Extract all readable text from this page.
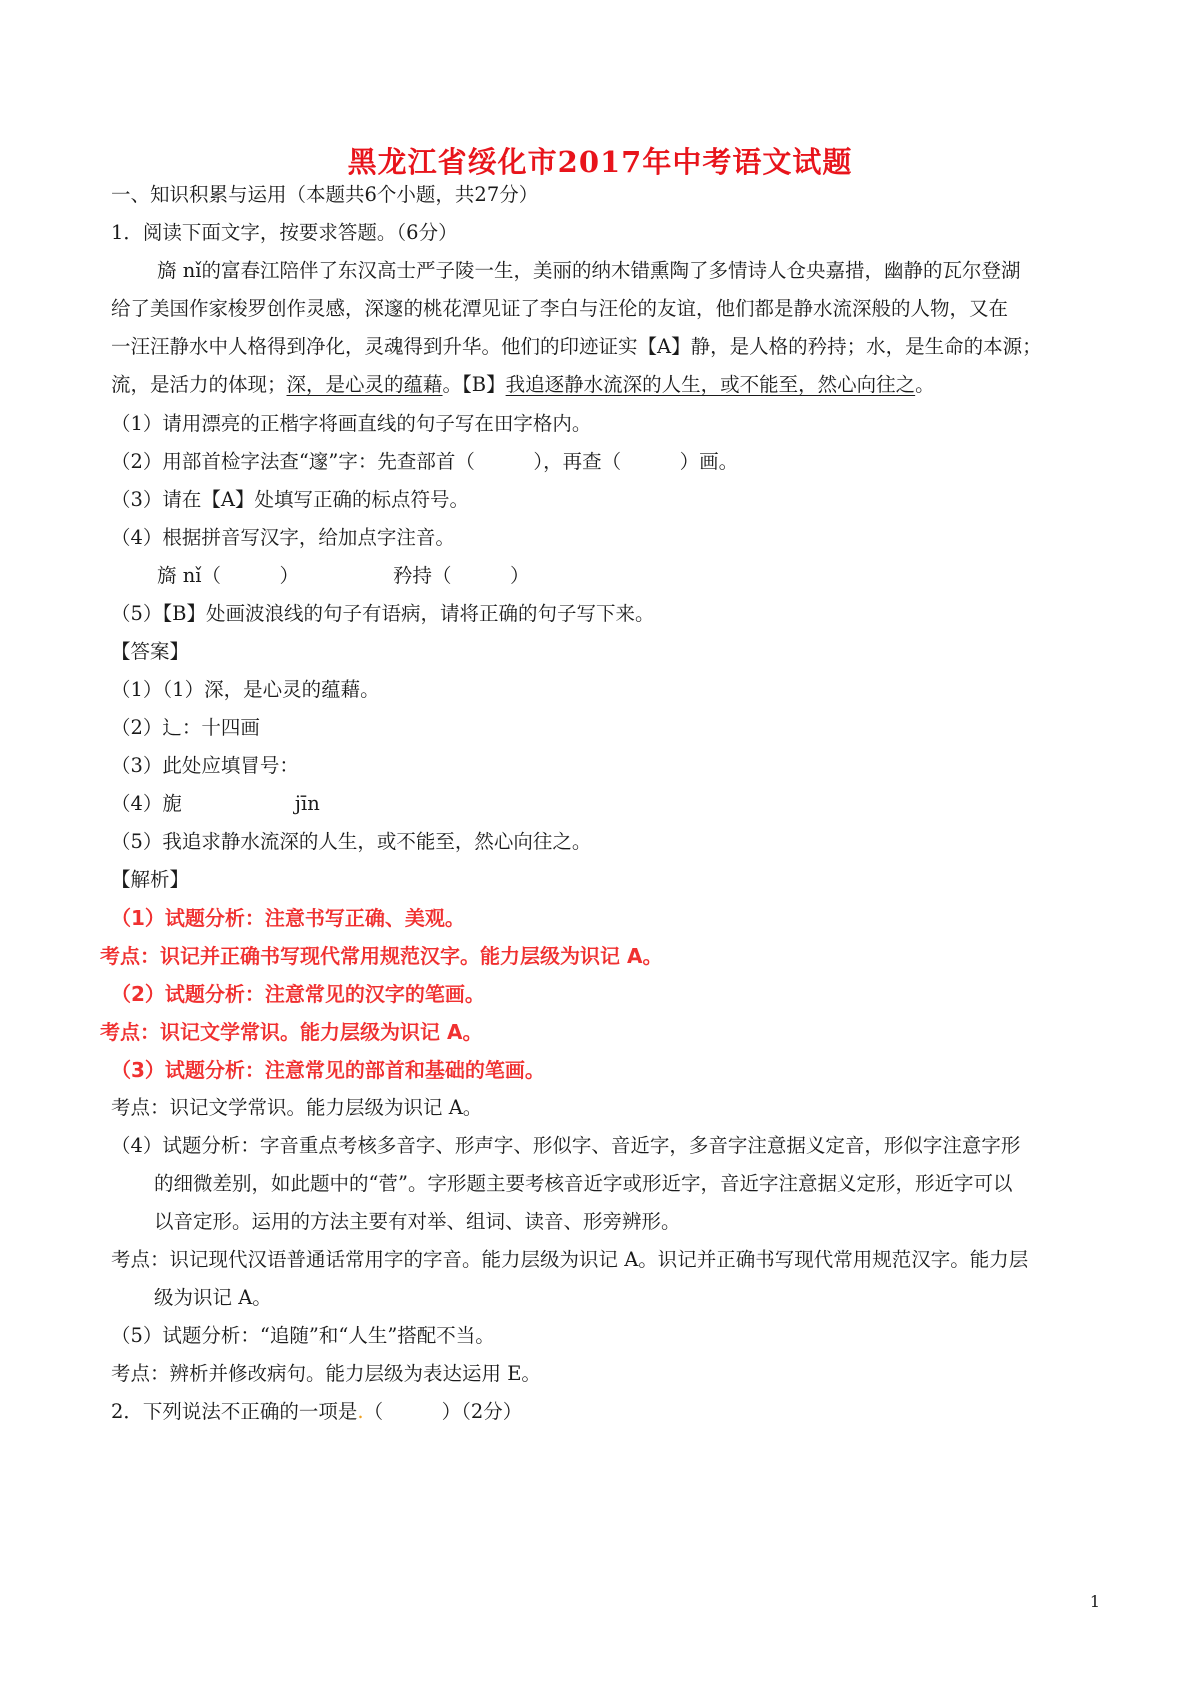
黑龙江省绥化市2017年中考语文试题
一、知识积累与运用（本题共6个小题，共27分）
1．阅读下面文字，按要求答题。（6分）
旖 nǐ的富春江陪伴了东汉高士严子陵一生，美丽的纳木错熏陶了多情诗人仓央嘉措，幽静的瓦尔登湖
给了美国作家梭罗创作灵感，深邃的桃花潭见证了李白与汪伦的友谊，他们都是静水流深般的人物，又在
一汪汪静水中人格得到净化，灵魂得到升华。他们的印迹证实【A】静，是人格的矜持；水，是生命的本源；
流，是活力的体现；深，是心灵的蕴藉。【B】我追逐静水流深的人生，或不能至，然心向往之。
（1）请用漂亮的正楷字将画直线的句子写在田字格内。
（2）用部首检字法查“邃”字：先查部首（　　　），再查（　　　）画。
（3）请在【A】处填写正确的标点符号。
（4）根据拼音写汉字，给加点字注音。
旖 nǐ（　　　）	矜持（　　　）
（5）【B】处画波浪线的句子有语病，请将正确的句子写下来。
【答案】
（1）（1）深，是心灵的蕴藉。
（2）辶：十四画
（3）此处应填冒号：
（4）旎	jīn
（5）我追求静水流深的人生，或不能至，然心向往之。
【解析】
（1）试题分析：注意书写正确、美观。
考点：识记并正确书写现代常用规范汉字。能力层级为识记 A。
（2）试题分析：注意常见的汉字的笔画。
考点：识记文学常识。能力层级为识记 A。
（3）试题分析：注意常见的部首和基础的笔画。
考点：识记文学常识。能力层级为识记 A。
（4）试题分析：字音重点考核多音字、形声字、形似字、音近字，多音字注意据义定音，形似字注意字形
的细微差别，如此题中的“菅”。字形题主要考核音近字或形近字，音近字注意据义定形，形近字可以
以音定形。运用的方法主要有对举、组词、读音、形旁辨形。
考点：识记现代汉语普通话常用字的字音。能力层级为识记 A。识记并正确书写现代常用规范汉字。能力层
级为识记 A。
（5）试题分析：“追随”和“人生”搭配不当。
考点：辨析并修改病句。能力层级为表达运用 E。
2．下列说法不正确的一项是.（　　　）（2分）
1
